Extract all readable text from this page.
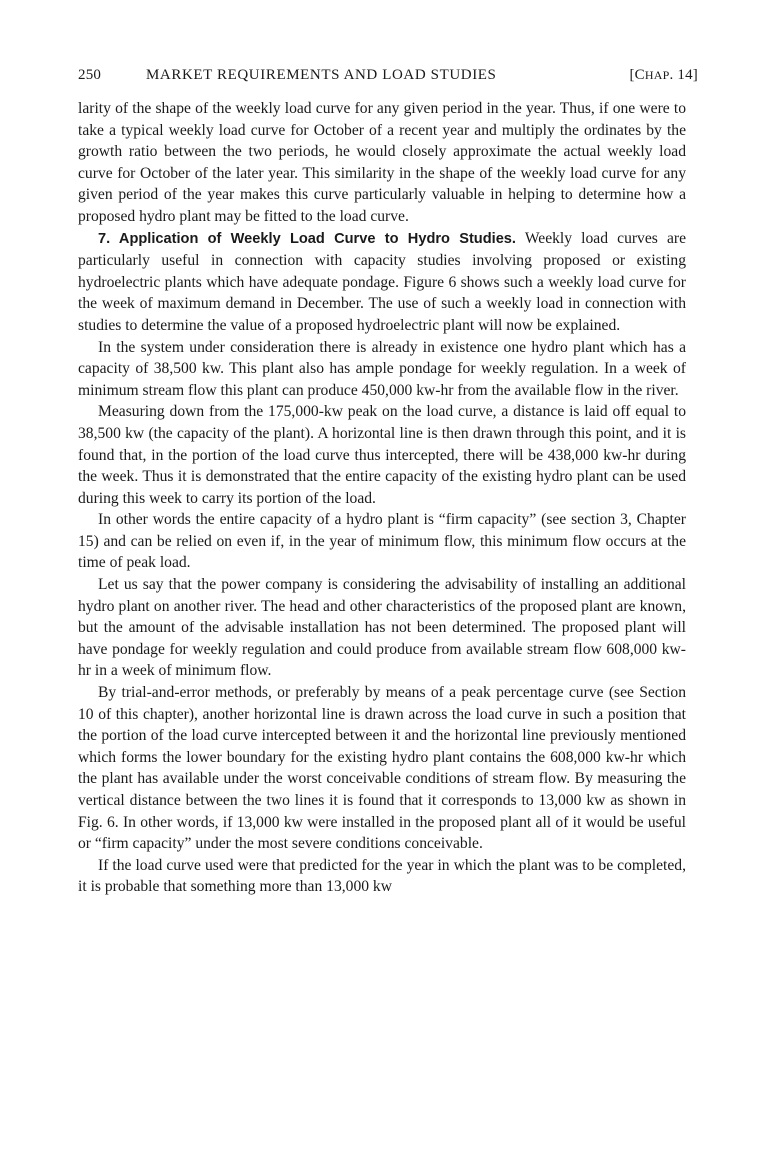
250	MARKET REQUIREMENTS AND LOAD STUDIES	[CHAP. 14]

larity of the shape of the weekly load curve for any given period in the year. Thus, if one were to take a typical weekly load curve for October of a recent year and multiply the ordinates by the growth ratio between the two periods, he would closely approximate the actual weekly load curve for October of the later year. This similarity in the shape of the weekly load curve for any given period of the year makes this curve particularly valuable in helping to determine how a proposed hydro plant may be fitted to the load curve.

7. Application of Weekly Load Curve to Hydro Studies. Weekly load curves are particularly useful in connection with capacity studies involving proposed or existing hydroelectric plants which have adequate pondage. Figure 6 shows such a weekly load curve for the week of maximum demand in December. The use of such a weekly load in connection with studies to determine the value of a proposed hydroelectric plant will now be explained.

In the system under consideration there is already in existence one hydro plant which has a capacity of 38,500 kw. This plant also has ample pondage for weekly regulation. In a week of minimum stream flow this plant can produce 450,000 kw-hr from the available flow in the river.

Measuring down from the 175,000-kw peak on the load curve, a distance is laid off equal to 38,500 kw (the capacity of the plant). A horizontal line is then drawn through this point, and it is found that, in the portion of the load curve thus intercepted, there will be 438,000 kw-hr during the week. Thus it is demonstrated that the entire capacity of the existing hydro plant can be used during this week to carry its portion of the load.

In other words the entire capacity of a hydro plant is “firm capacity” (see section 3, Chapter 15) and can be relied on even if, in the year of minimum flow, this minimum flow occurs at the time of peak load.

Let us say that the power company is considering the advisability of installing an additional hydro plant on another river. The head and other characteristics of the proposed plant are known, but the amount of the advisable installation has not been determined. The proposed plant will have pondage for weekly regulation and could produce from available stream flow 608,000 kw-hr in a week of minimum flow.

By trial-and-error methods, or preferably by means of a peak percentage curve (see Section 10 of this chapter), another horizontal line is drawn across the load curve in such a position that the portion of the load curve intercepted between it and the horizontal line previously mentioned which forms the lower boundary for the existing hydro plant contains the 608,000 kw-hr which the plant has available under the worst conceivable conditions of stream flow. By measuring the vertical distance between the two lines it is found that it corresponds to 13,000 kw as shown in Fig. 6. In other words, if 13,000 kw were installed in the proposed plant all of it would be useful or “firm capacity” under the most severe conditions conceivable.

If the load curve used were that predicted for the year in which the plant was to be completed, it is probable that something more than 13,000 kw
